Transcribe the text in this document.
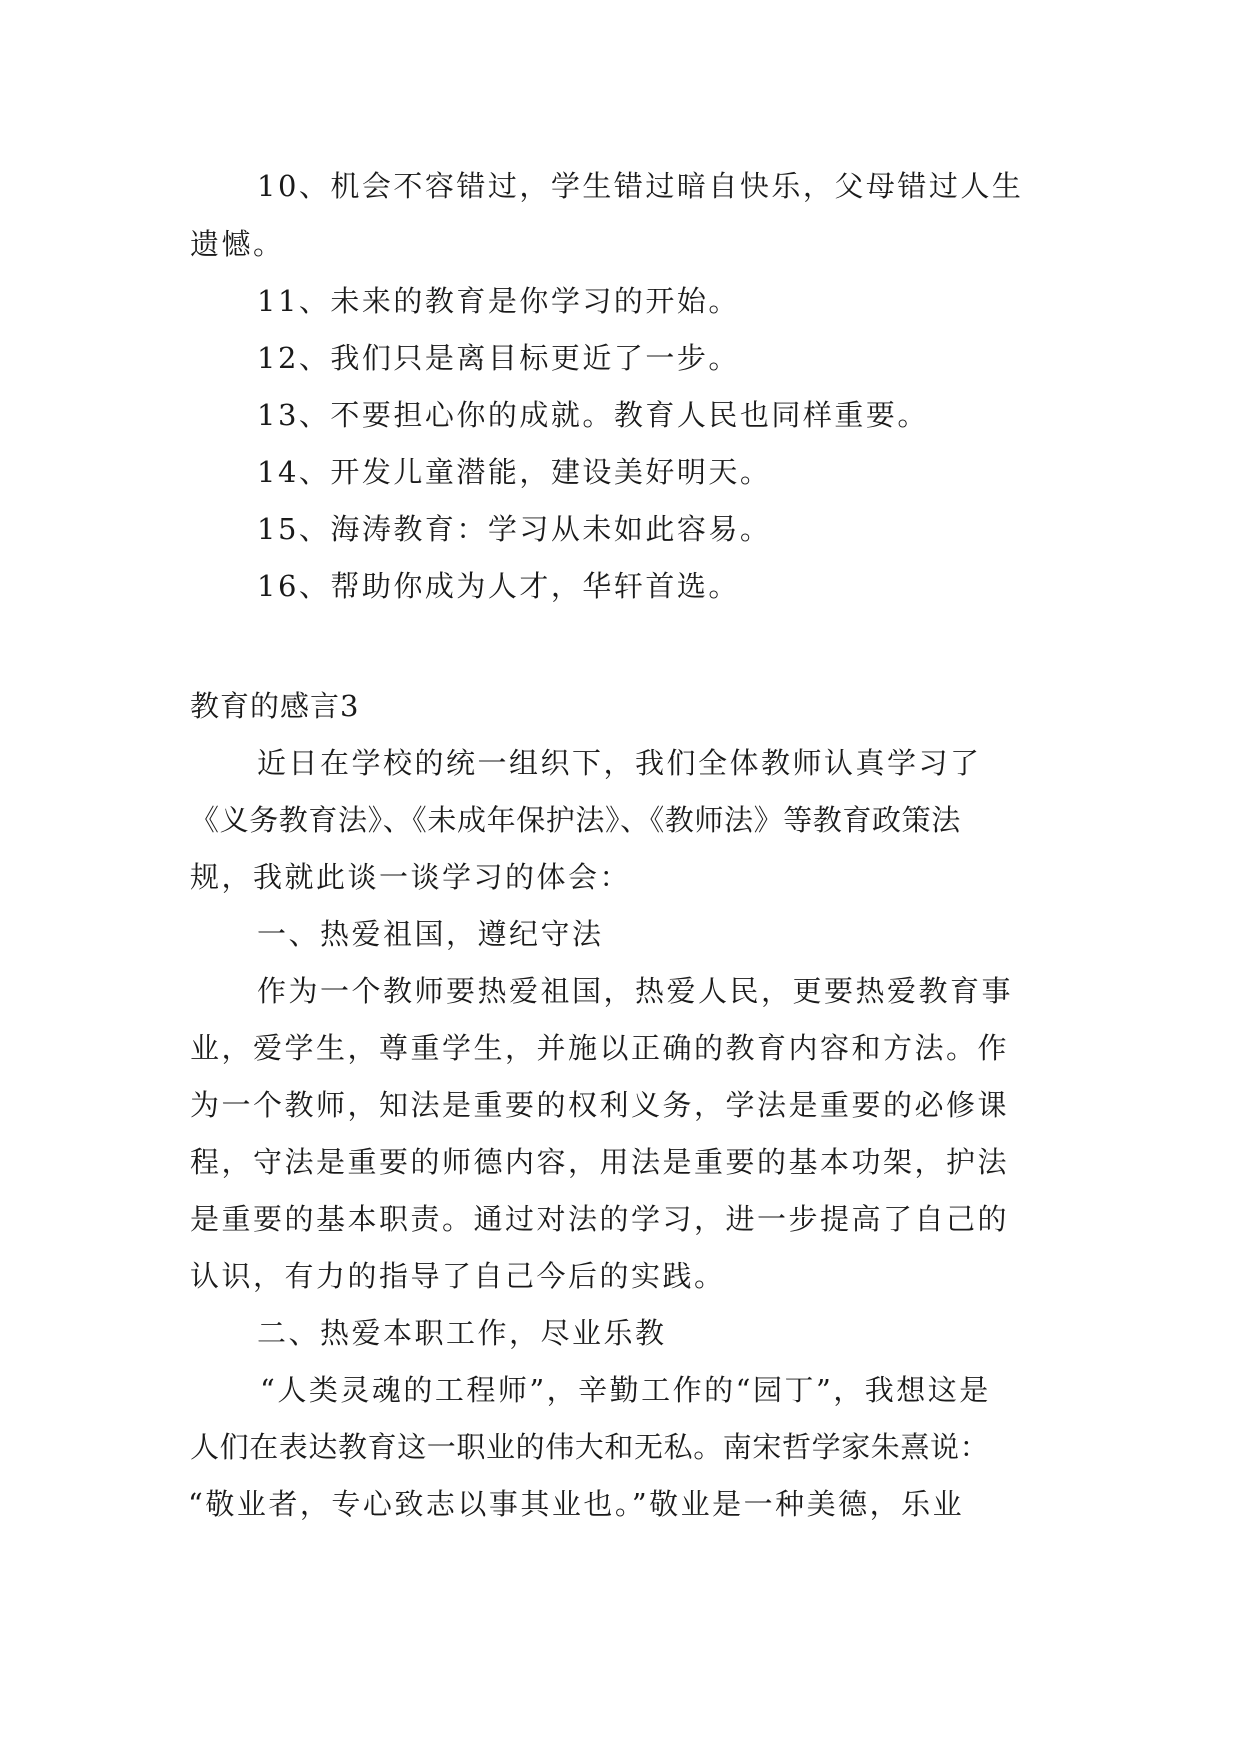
10、机会不容错过，学生错过暗自快乐，父母错过人生
遗憾。
11、未来的教育是你学习的开始。
12、我们只是离目标更近了一步。
13、不要担心你的成就。教育人民也同样重要。
14、开发儿童潜能，建设美好明天。
15、海涛教育：学习从未如此容易。
16、帮助你成为人才，华轩首选。
教育的感言3
近日在学校的统一组织下，我们全体教师认真学习了
《义务教育法》、《未成年保护法》、《教师法》等教育政策法
规，我就此谈一谈学习的体会：
一、热爱祖国，遵纪守法
作为一个教师要热爱祖国，热爱人民，更要热爱教育事
业，爱学生，尊重学生，并施以正确的教育内容和方法。作
为一个教师，知法是重要的权利义务，学法是重要的必修课
程，守法是重要的师德内容，用法是重要的基本功架，护法
是重要的基本职责。通过对法的学习，进一步提高了自己的
认识，有力的指导了自己今后的实践。
二、热爱本职工作，尽业乐教
“人类灵魂的工程师”，辛勤工作的“园丁”，我想这是
人们在表达教育这一职业的伟大和无私。南宋哲学家朱熹说：
“敬业者，专心致志以事其业也。”敬业是一种美德，乐业
